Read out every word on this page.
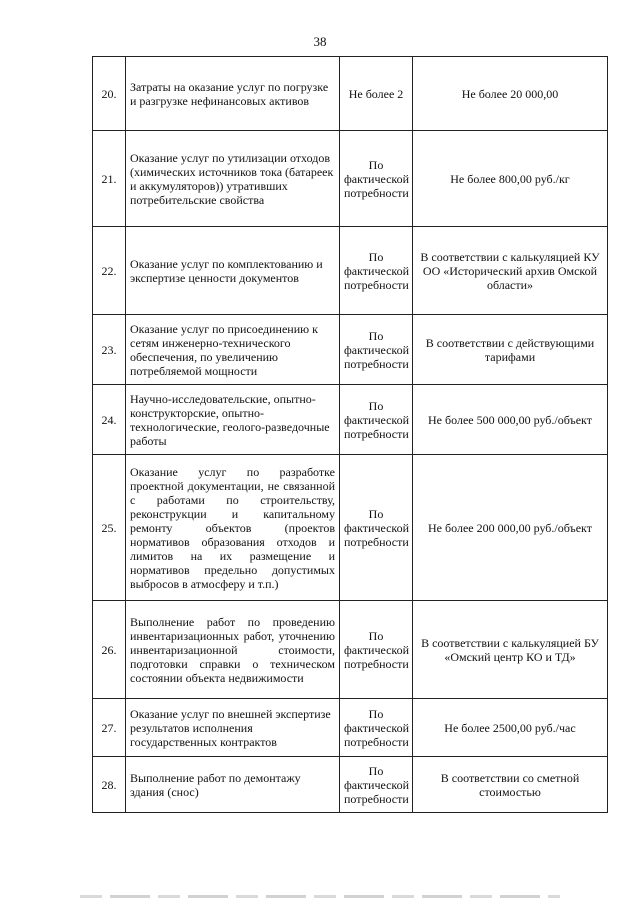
38
20.	Затраты на оказание услуг по погрузке и разгрузке нефинансовых активов	Не более 2	Не более 20 000,00
21.	Оказание услуг по утилизации отходов (химических источников тока (батареек и аккумуляторов)) утративших потребительские свойства	По фактической потребности	Не более 800,00 руб./кг
22.	Оказание услуг по комплектованию и экспертизе ценности документов	По фактической потребности	В соответствии с калькуляцией КУ ОО «Исторический архив Омской области»
23.	Оказание услуг по присоединению к сетям инженерно-технического обеспечения, по увеличению потребляемой мощности	По фактической потребности	В соответствии с действующими тарифами
24.	Научно-исследовательские, опытно-конструкторские, опытно-технологические, геолого-разведочные работы	По фактической потребности	Не более 500 000,00 руб./объект
25.	Оказание услуг по разработке проектной документации, не связанной с работами по строительству, реконструкции и капитальному ремонту объектов (проектов нормативов образования отходов и лимитов на их размещение и нормативов предельно допустимых выбросов в атмосферу и т.п.)	По фактической потребности	Не более 200 000,00 руб./объект
26.	Выполнение работ по проведению инвентаризационных работ, уточнению инвентаризационной стоимости, подготовки справки о техническом состоянии объекта недвижимости	По фактической потребности	В соответствии с калькуляцией БУ «Омский центр КО и ТД»
27.	Оказание услуг по внешней экспертизе результатов исполнения государственных контрактов	По фактической потребности	Не более 2500,00 руб./час
28.	Выполнение работ по демонтажу здания (снос)	По фактической потребности	В соответствии со сметной стоимостью
